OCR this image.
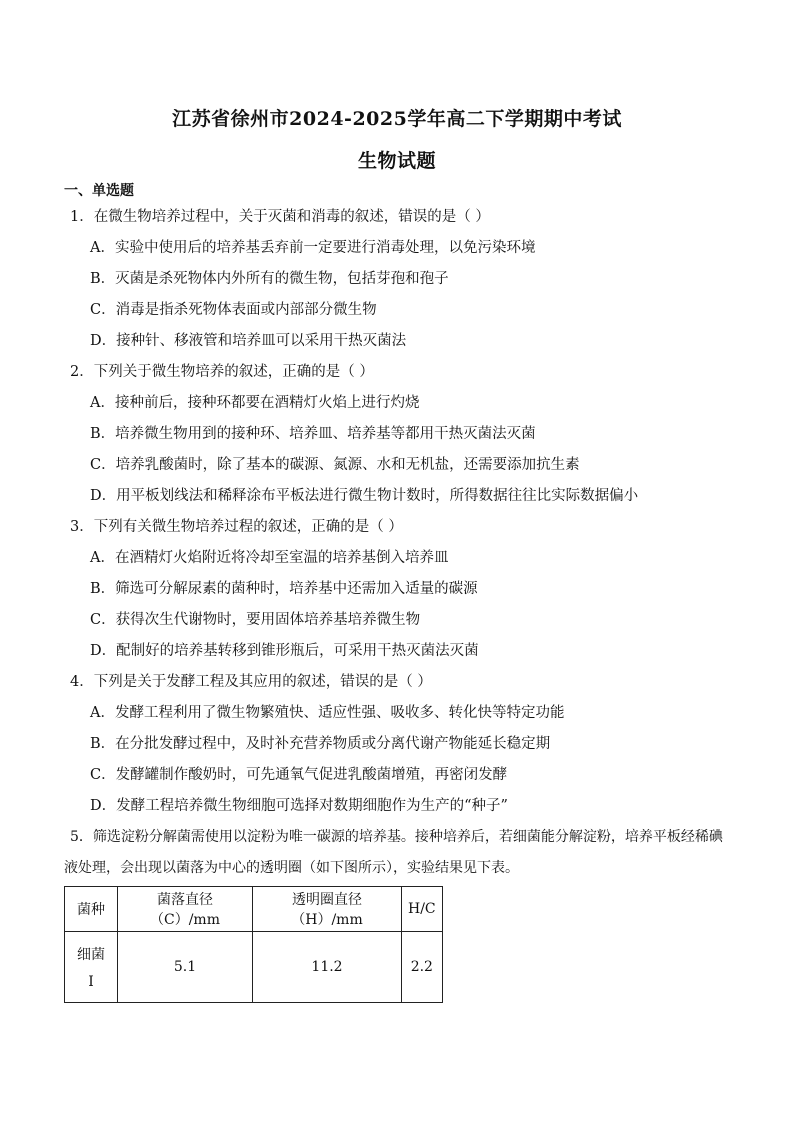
江苏省徐州市2024-2025学年高二下学期期中考试
生物试题
一、单选题
1．在微生物培养过程中，关于灭菌和消毒的叙述，错误的是（ ）
A．实验中使用后的培养基丢弃前一定要进行消毒处理，以免污染环境
B．灭菌是杀死物体内外所有的微生物，包括芽孢和孢子
C．消毒是指杀死物体表面或内部部分微生物
D．接种针、移液管和培养皿可以采用干热灭菌法
2．下列关于微生物培养的叙述，正确的是（ ）
A．接种前后，接种环都要在酒精灯火焰上进行灼烧
B．培养微生物用到的接种环、培养皿、培养基等都用干热灭菌法灭菌
C．培养乳酸菌时，除了基本的碳源、氮源、水和无机盐，还需要添加抗生素
D．用平板划线法和稀释涂布平板法进行微生物计数时，所得数据往往比实际数据偏小
3．下列有关微生物培养过程的叙述，正确的是（ ）
A．在酒精灯火焰附近将冷却至室温的培养基倒入培养皿
B．筛选可分解尿素的菌种时，培养基中还需加入适量的碳源
C．获得次生代谢物时，要用固体培养基培养微生物
D．配制好的培养基转移到锥形瓶后，可采用干热灭菌法灭菌
4．下列是关于发酵工程及其应用的叙述，错误的是（ ）
A．发酵工程利用了微生物繁殖快、适应性强、吸收多、转化快等特定功能
B．在分批发酵过程中，及时补充营养物质或分离代谢产物能延长稳定期
C．发酵罐制作酸奶时，可先通氧气促进乳酸菌增殖，再密闭发酵
D．发酵工程培养微生物细胞可选择对数期细胞作为生产的“种子”
5．筛选淀粉分解菌需使用以淀粉为唯一碳源的培养基。接种培养后，若细菌能分解淀粉，培养平板经稀碘
液处理，会出现以菌落为中心的透明圈（如下图所示），实验结果见下表。
菌种	菌落直径（C）/mm	透明圈直径（H）/mm	H/C

细菌
I	5.1	11.2	2.2
